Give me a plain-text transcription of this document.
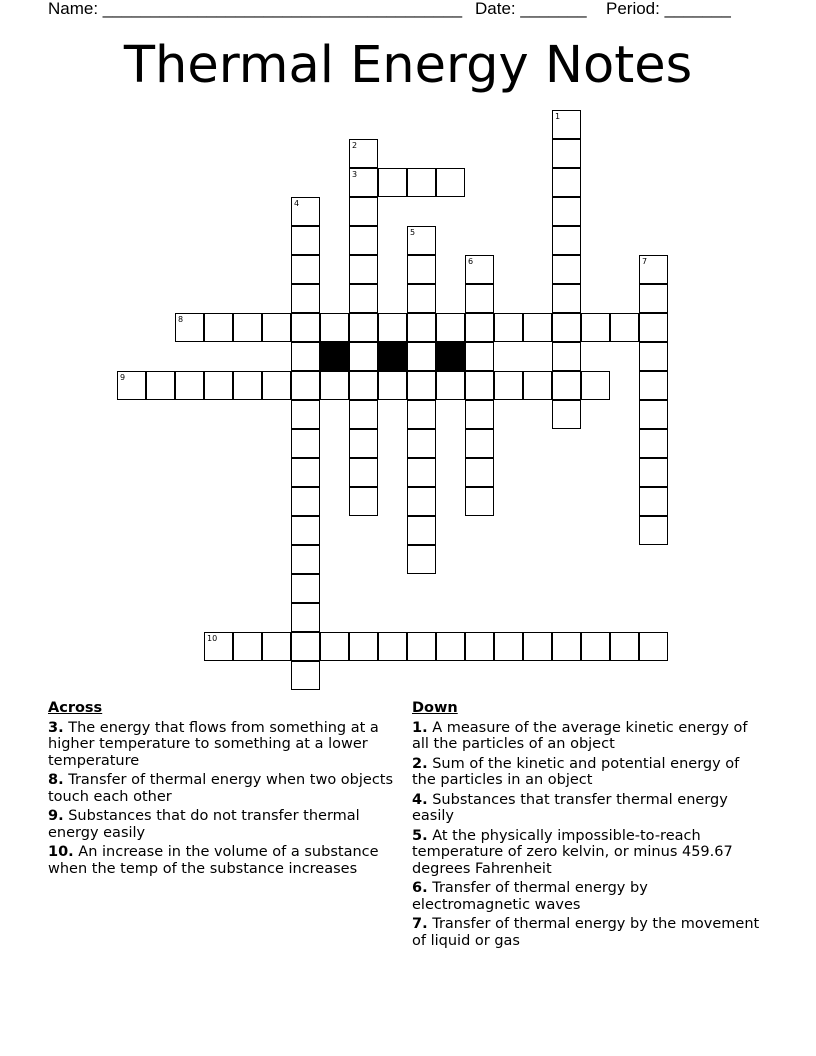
Name: ______________________________________ Date: _______ Period: _______
Thermal Energy Notes
1
2
3
4
5
6	7
8
9
10
Across
3. The energy that flows from something at a higher temperature to something at a lower temperature
8. Transfer of thermal energy when two objects touch each other
9. Substances that do not transfer thermal energy easily
10. An increase in the volume of a substance when the temp of the substance increases
Down
1. A measure of the average kinetic energy of all the particles of an object
2. Sum of the kinetic and potential energy of the particles in an object
4. Substances that transfer thermal energy easily
5. At the physically impossible-to-reach temperature of zero kelvin, or minus 459.67 degrees Fahrenheit
6. Transfer of thermal energy by electromagnetic waves
7. Transfer of thermal energy by the movement of liquid or gas
